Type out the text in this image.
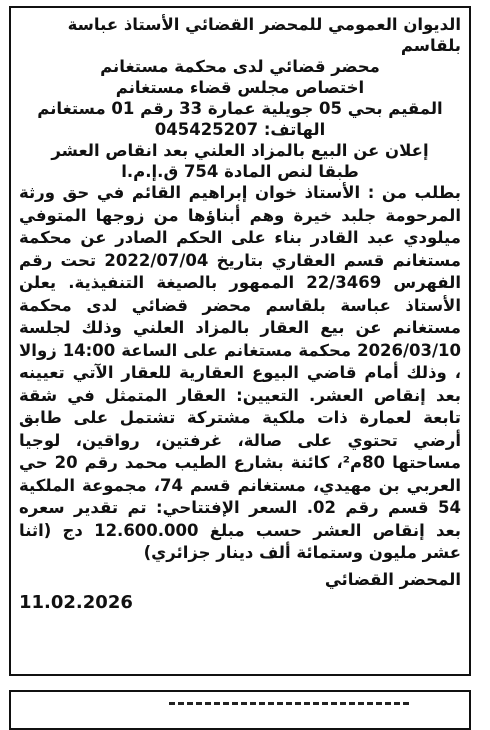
الديوان العمومي للمحضر القضائي الأستاذ عباسة بلقاسم

محضر قضائي لدى محكمة مستغانم

اختصاص مجلس قضاء مستغانم

المقيم بحي 05 جويلية عمارة 33 رقم 01 مستغانم

الهاتف: 045425207

إعلان عن البيع بالمزاد العلني بعد انقاص العشر

طبقا لنص المادة 754 ق.إ.م.ا

بطلب من : الأستاذ خوان إبراهيم القائم في حق ورثة المرحومة جلبد خيرة وهم أبناؤها من زوجها المتوفي ميلودي عبد القادر بناء على الحكم الصادر عن محكمة مستغانم قسم العقاري بتاريخ 2022/07/04 تحت رقم الفهرس 22/3469 الممهور بالصيغة التنفيذية. يعلن الأستاذ عباسة بلقاسم محضر قضائي لدى محكمة مستغانم عن بيع العقار بالمزاد العلني وذلك لجلسة 2026/03/10 محكمة مستغانم على الساعة 14:00 زوالا ، وذلك أمام قاضي البيوع العقارية للعقار الآتي تعيينه بعد إنقاص العشر. التعيين: العقار المتمثل في شقة تابعة لعمارة ذات ملكية مشتركة تشتمل على طابق أرضي تحتوي على صالة، غرفتين، رواقين، لوجيا مساحتها 80م²، كائنة بشارع الطيب محمد رقم 20 حي العربي بن مهيدي، مستغانم قسم 74، مجموعة الملكية 54 قسم رقم 02. السعر الإفتتاحي: تم تقدير سعره بعد إنقاص العشر حسب مبلغ 12.600.000 دج (اثنا عشر مليون وستمائة ألف دينار جزائري)

المحضر القضائي

11.02.2026
